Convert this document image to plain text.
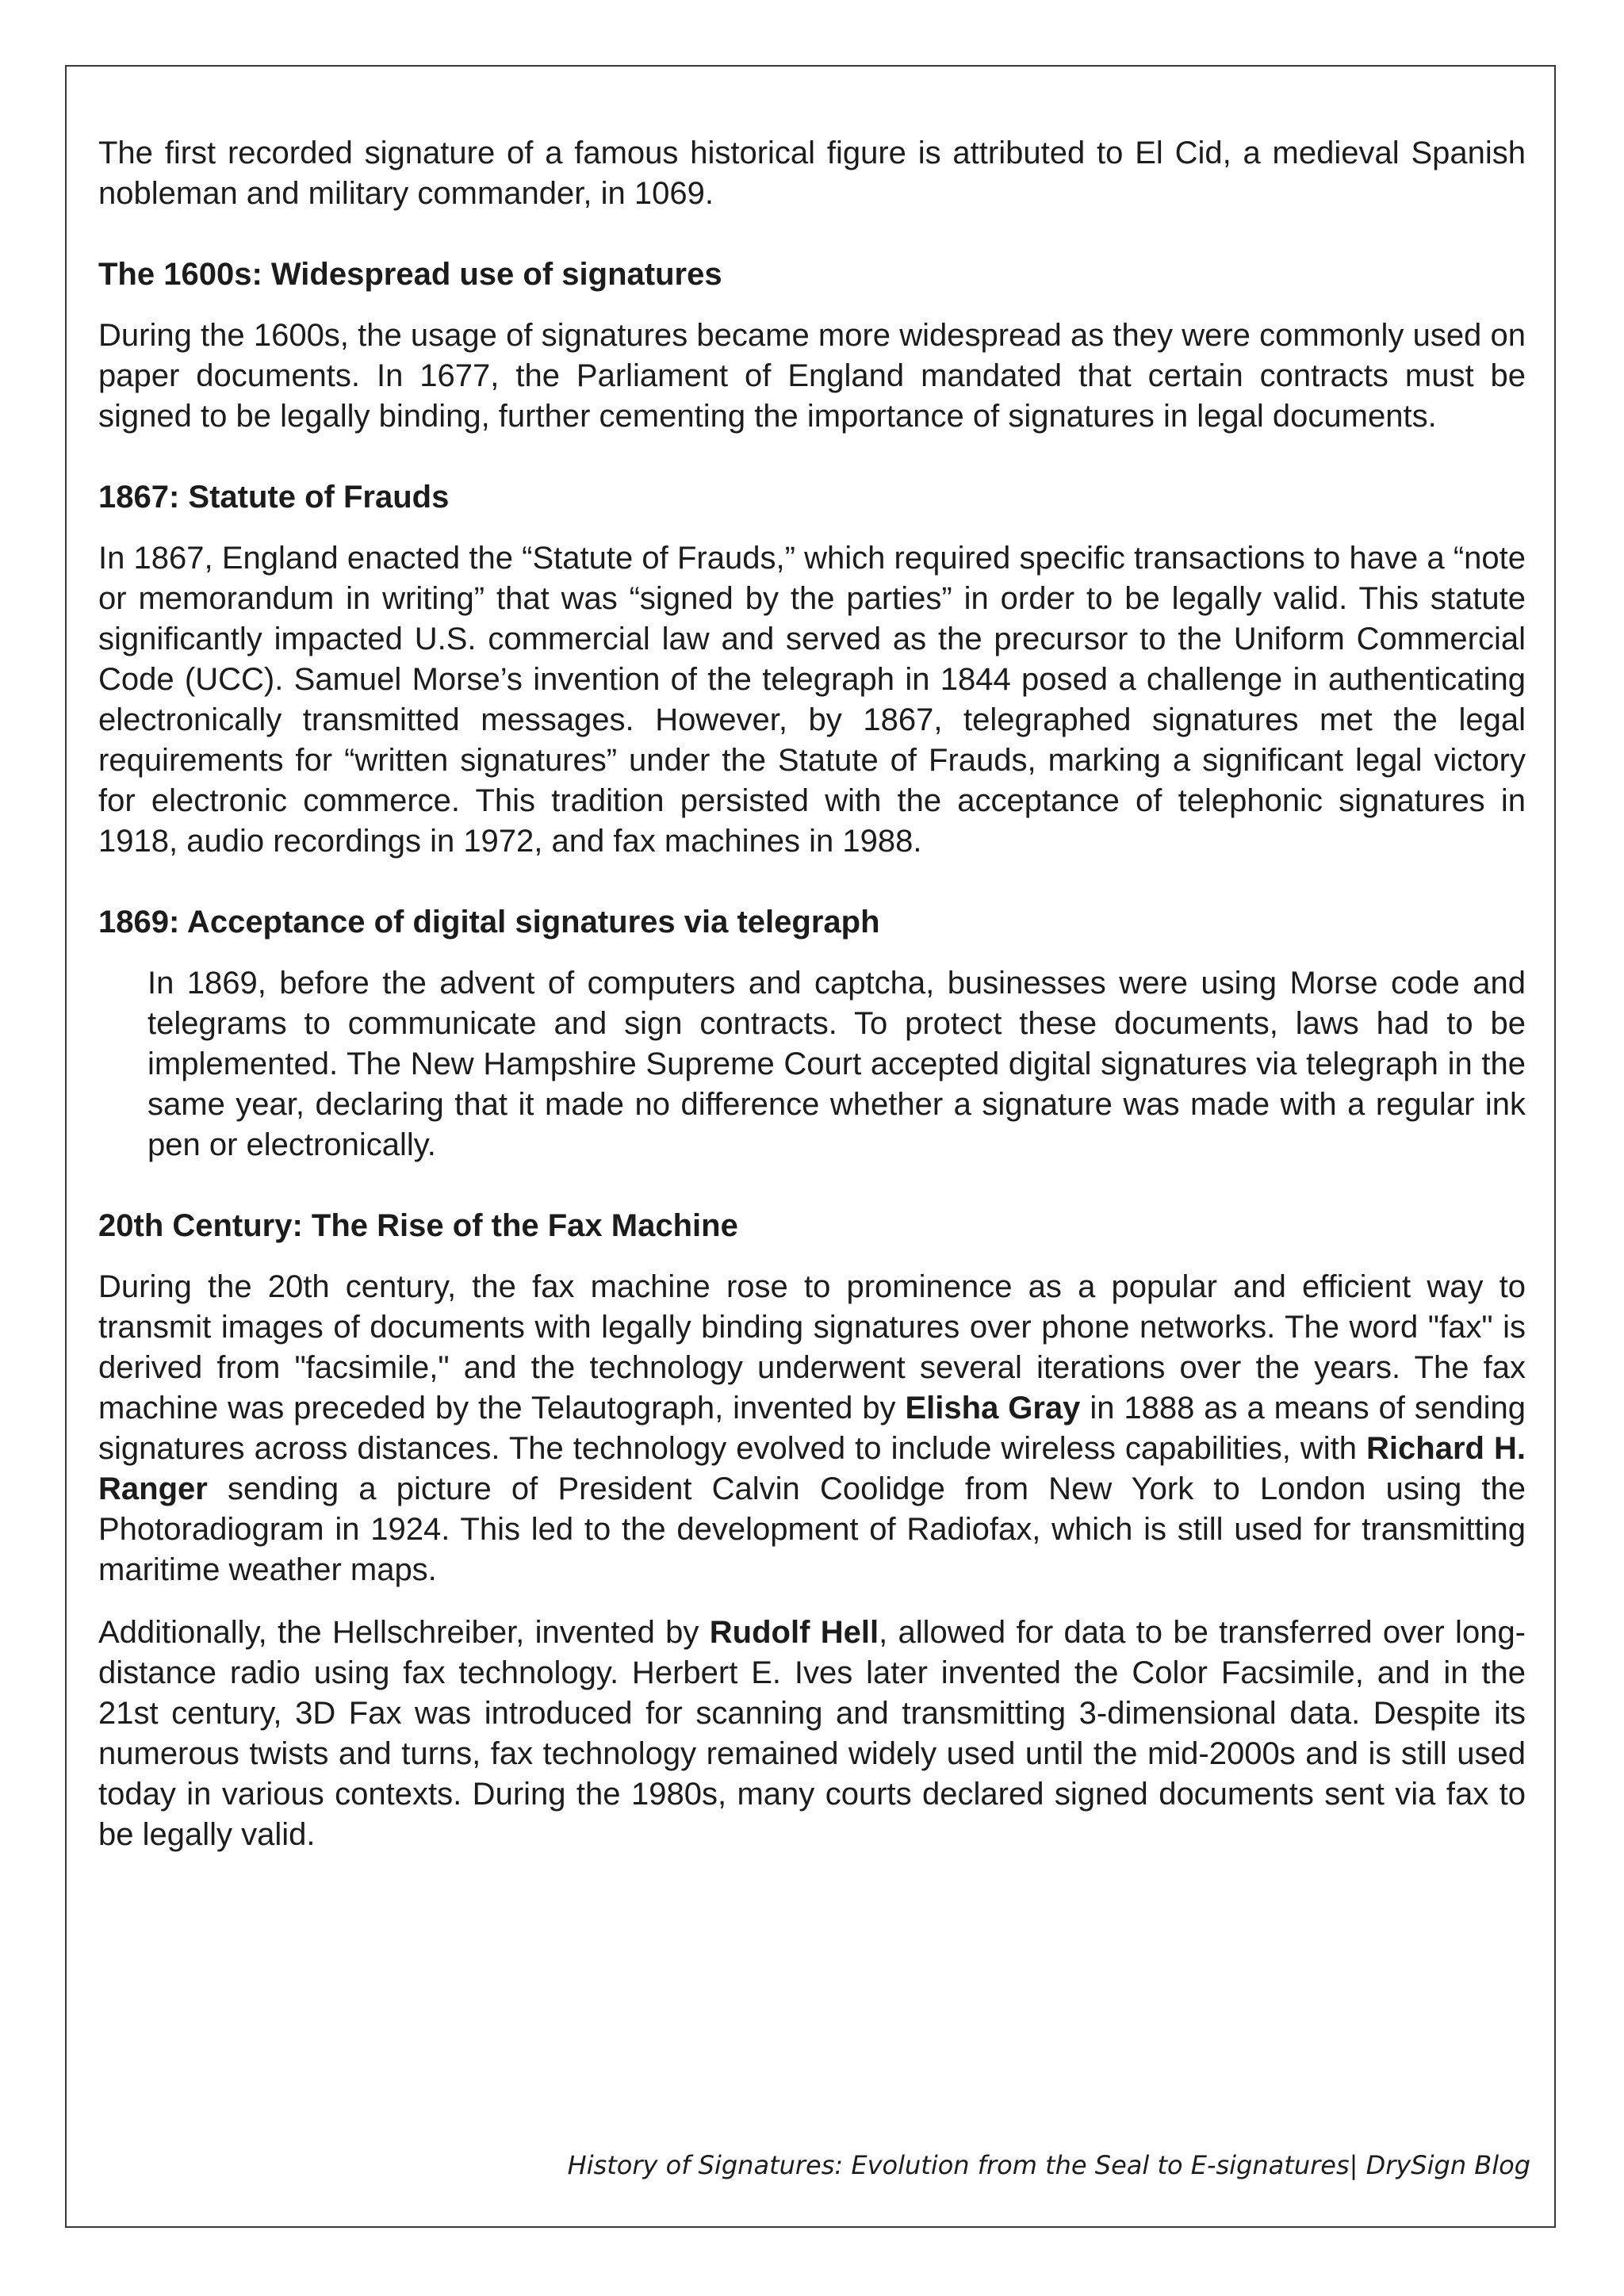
The first recorded signature of a famous historical figure is attributed to El Cid, a medieval Spanish nobleman and military commander, in 1069.

The 1600s: Widespread use of signatures

During the 1600s, the usage of signatures became more widespread as they were commonly used on paper documents. In 1677, the Parliament of England mandated that certain contracts must be signed to be legally binding, further cementing the importance of signatures in legal documents.

1867: Statute of Frauds

In 1867, England enacted the “Statute of Frauds,” which required specific transactions to have a “note or memorandum in writing” that was “signed by the parties” in order to be legally valid. This statute significantly impacted U.S. commercial law and served as the precursor to the Uniform Commercial Code (UCC). Samuel Morse’s invention of the telegraph in 1844 posed a challenge in authenticating electronically transmitted messages. However, by 1867, telegraphed signatures met the legal requirements for “written signatures” under the Statute of Frauds, marking a significant legal victory for electronic commerce. This tradition persisted with the acceptance of telephonic signatures in 1918, audio recordings in 1972, and fax machines in 1988.

1869: Acceptance of digital signatures via telegraph

In 1869, before the advent of computers and captcha, businesses were using Morse code and telegrams to communicate and sign contracts. To protect these documents, laws had to be implemented. The New Hampshire Supreme Court accepted digital signatures via telegraph in the same year, declaring that it made no difference whether a signature was made with a regular ink pen or electronically.

20th Century: The Rise of the Fax Machine

During the 20th century, the fax machine rose to prominence as a popular and efficient way to transmit images of documents with legally binding signatures over phone networks. The word "fax" is derived from "facsimile," and the technology underwent several iterations over the years. The fax machine was preceded by the Telautograph, invented by Elisha Gray in 1888 as a means of sending signatures across distances. The technology evolved to include wireless capabilities, with Richard H. Ranger sending a picture of President Calvin Coolidge from New York to London using the Photoradiogram in 1924. This led to the development of Radiofax, which is still used for transmitting maritime weather maps.

Additionally, the Hellschreiber, invented by Rudolf Hell, allowed for data to be transferred over long-distance radio using fax technology. Herbert E. Ives later invented the Color Facsimile, and in the 21st century, 3D Fax was introduced for scanning and transmitting 3-dimensional data. Despite its numerous twists and turns, fax technology remained widely used until the mid-2000s and is still used today in various contexts. During the 1980s, many courts declared signed documents sent via fax to be legally valid.

History of Signatures: Evolution from the Seal to E-signatures| DrySign Blog
